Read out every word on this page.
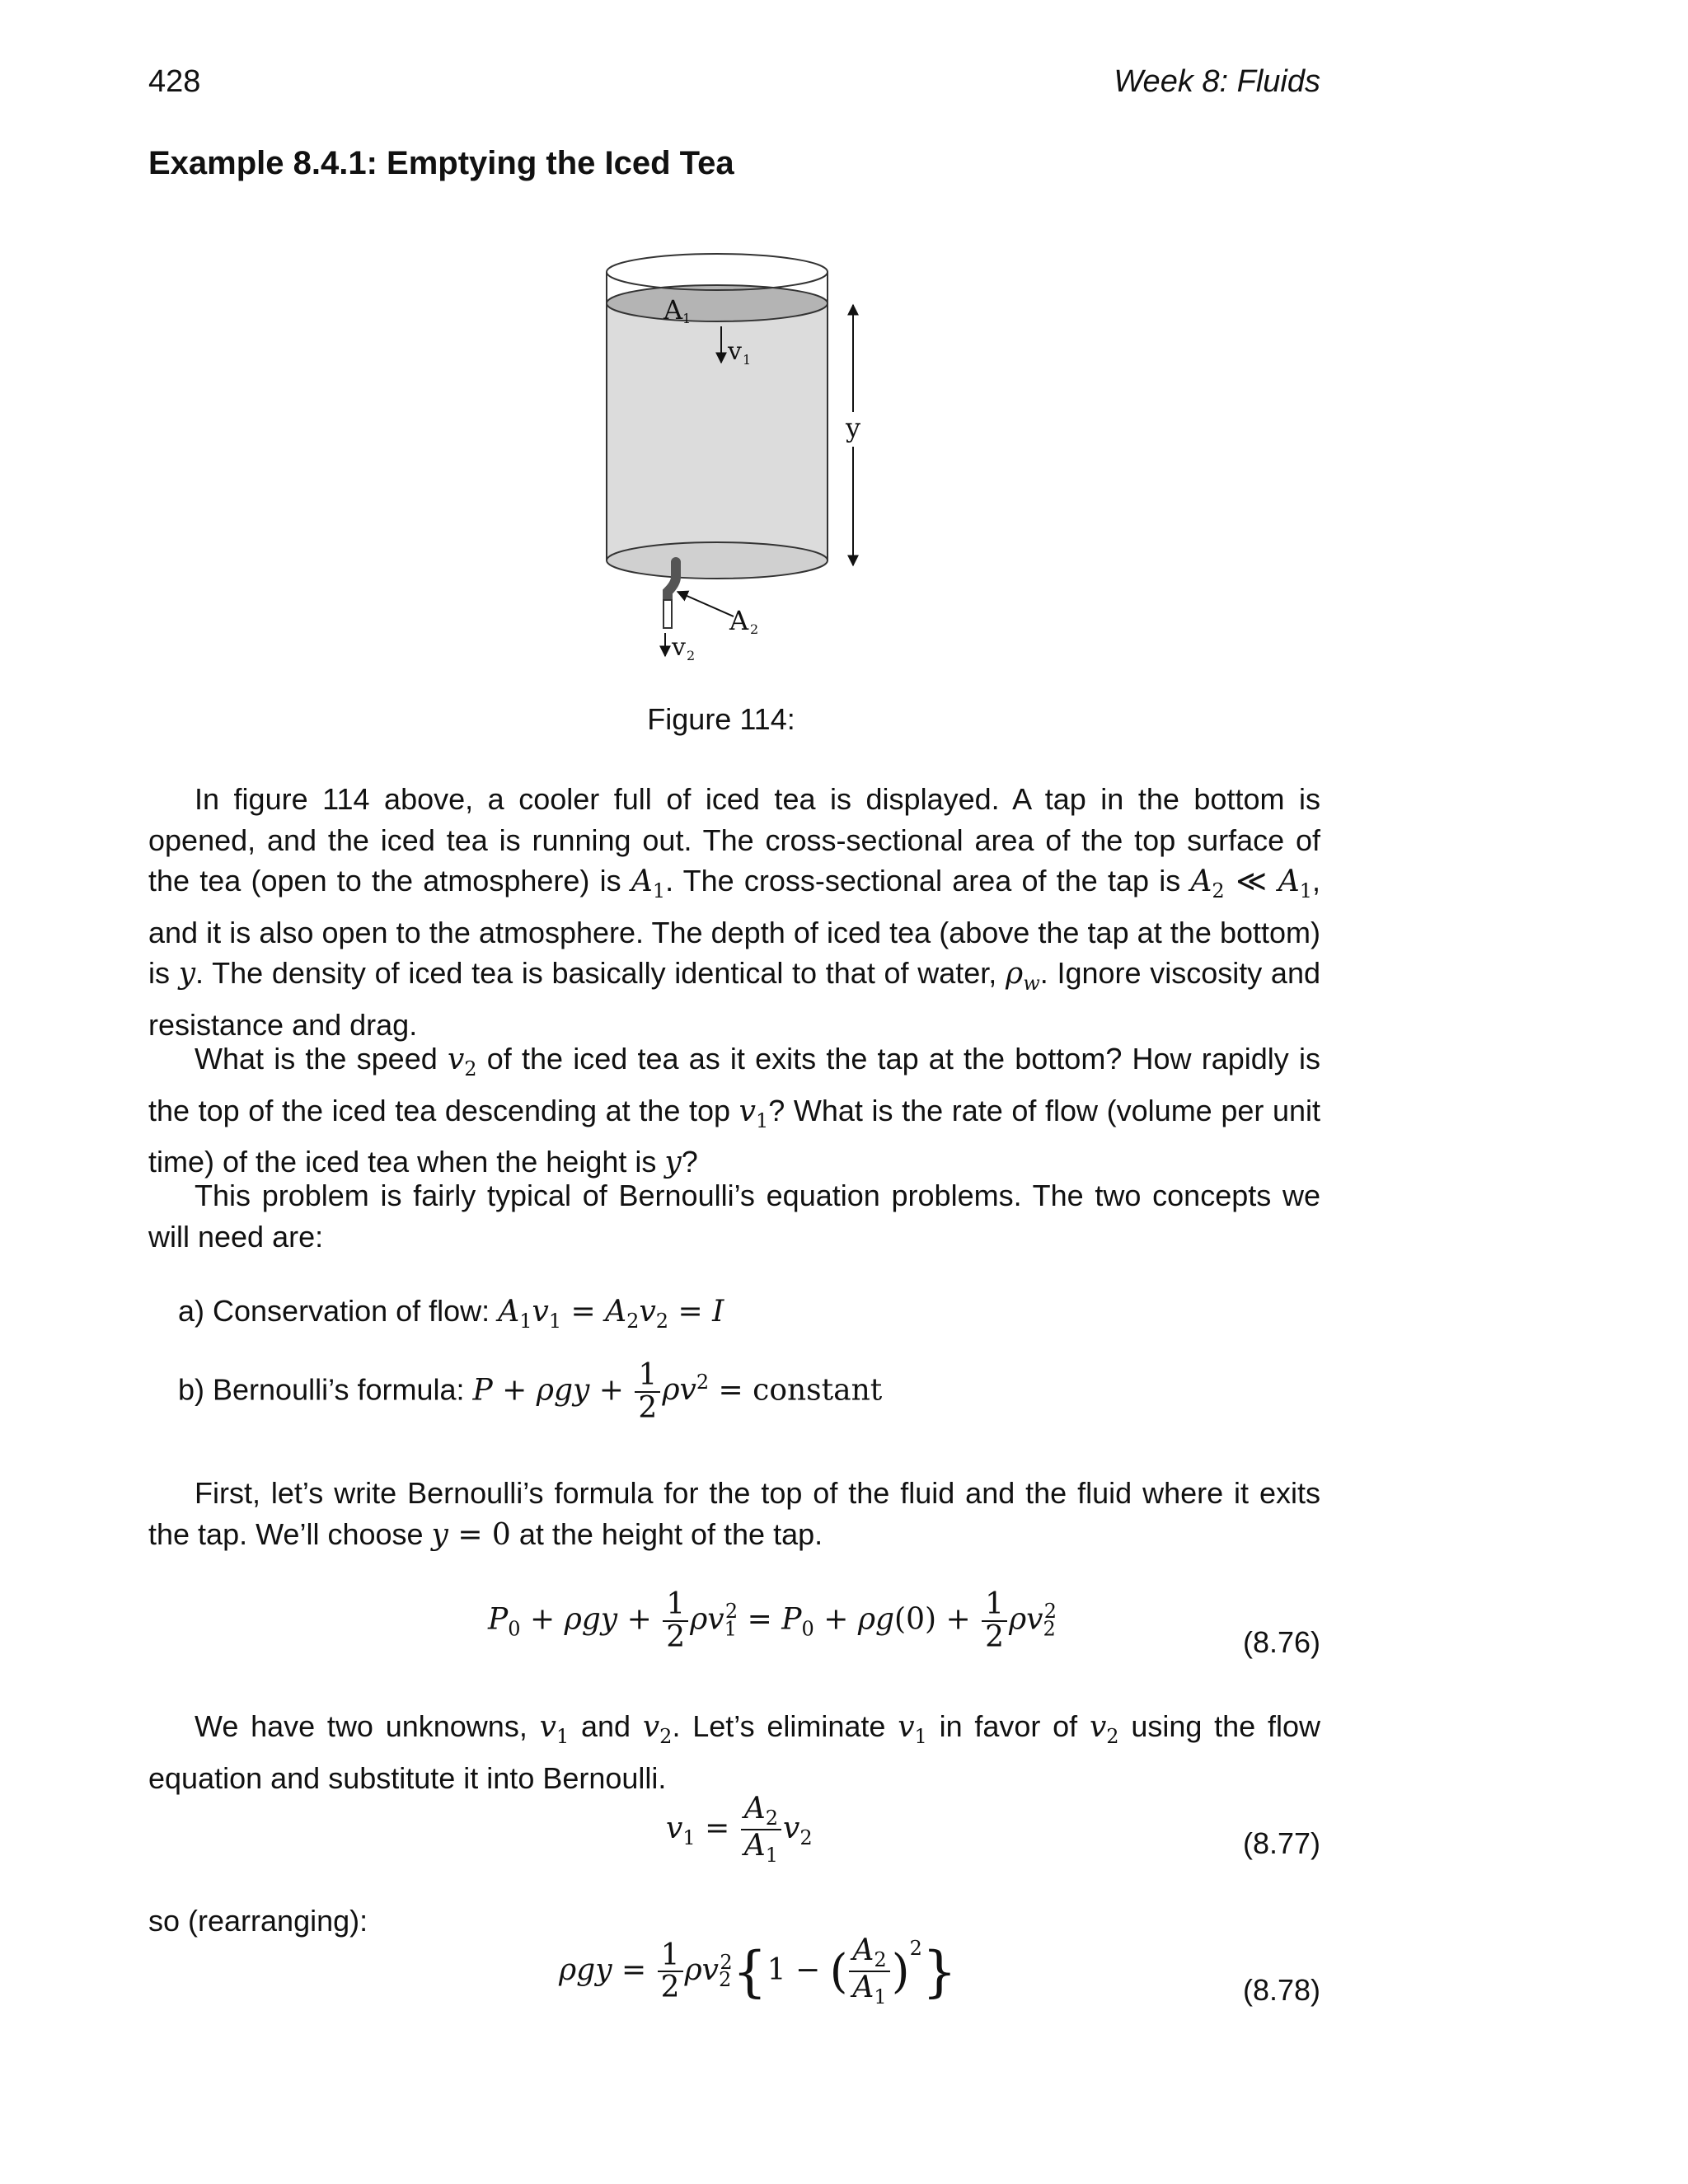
428	Week 8: Fluids
Example 8.4.1: Emptying the Iced Tea
A 1
v 1
y
A 2
v 2
Figure 114:

In figure 114 above, a cooler full of iced tea is displayed. A tap in the bottom is opened, and the iced tea is running out. The cross-sectional area of the top surface of the tea (open to the atmosphere) is $A_1$. The cross-sectional area of the tap is $A_2$ ≪ $A_1$, and it is also open to the atmosphere. The depth of iced tea (above the tap at the bottom) is y. The density of iced tea is basically identical to that of water, $\rho_w$. Ignore viscosity and resistance and drag.

What is the speed $v_2$ of the iced tea as it exits the tap at the bottom? How rapidly is the top of the iced tea descending at the top $v_1$? What is the rate of flow (volume per unit time) of the iced tea when the height is y?

This problem is fairly typical of Bernoulli’s equation problems. The two concepts we will need are:

a) Conservation of flow: $A_1v_1 = A_2v_2 = I$
b) Bernoulli’s formula: $P + \rho gy + \frac{1}{2} \rho v^2$ = constant

First, let’s write Bernoulli’s formula for the top of the fluid and the fluid where it exits the tap. We’ll choose y = 0 at the height of the tap.

$P_0 + \rho gy + \frac{1}{2} \rho v_1^2 = P_0 + \rho g(0) + \frac{1}{2} \rho v_2^2$
(8.76)

We have two unknowns, $v_1$ and $v_2$. Let’s eliminate $v_1$ in favor of $v_2$ using the flow equation and substitute it into Bernoulli.

$v_1 = \frac{A_2}{A_1} v_2$	(8.77)

so (rearranging):

$\rho gy = \frac{1}{2} \rho v_2^2\{1$ − ( $\frac{A_2}{A_1} )^2$}	(8.78)
